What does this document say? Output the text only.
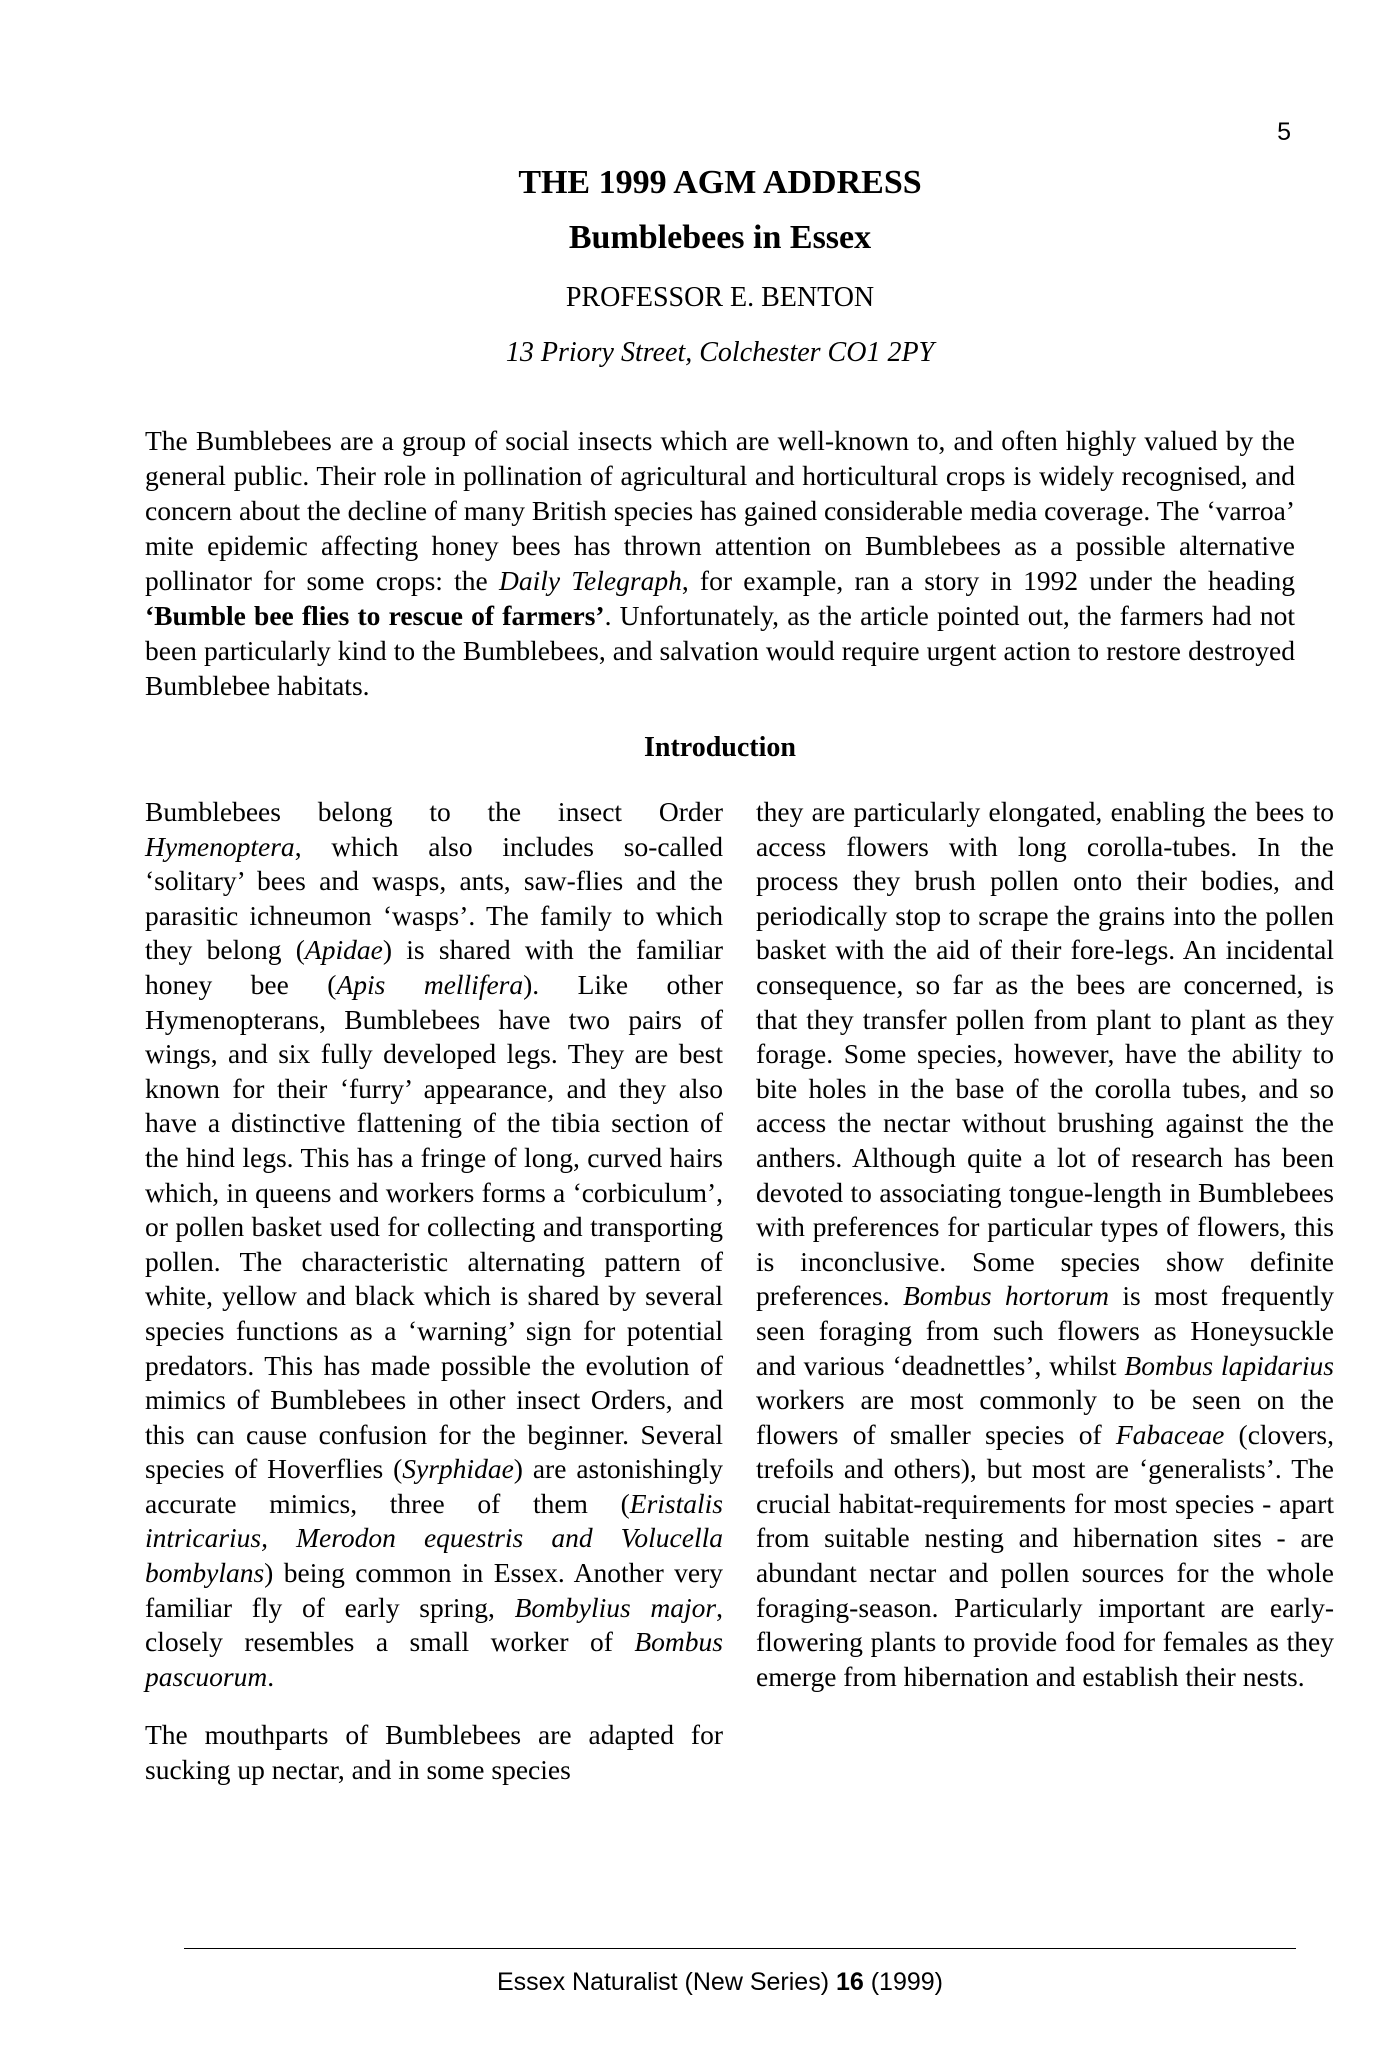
5
THE 1999 AGM ADDRESS
Bumblebees in Essex
PROFESSOR E. BENTON
13 Priory Street, Colchester CO1 2PY

The Bumblebees are a group of social insects which are well-known to, and often highly valued by the general public. Their role in pollination of agricultural and horticultural crops is widely recognised, and concern about the decline of many British species has gained considerable media coverage. The ‘varroa’ mite epidemic affecting honey bees has thrown attention on Bumblebees as a possible alternative pollinator for some crops: the Daily Telegraph, for example, ran a story in 1992 under the heading ‘Bumble bee flies to rescue of farmers’. Unfortunately, as the article pointed out, the farmers had not been particularly kind to the Bumblebees, and salvation would require urgent action to restore destroyed Bumblebee habitats.

Introduction

Bumblebees belong to the insect Order Hymenoptera, which also includes so-called ‘solitary’ bees and wasps, ants, saw-flies and the parasitic ichneumon ‘wasps’. The family to which they belong (Apidae) is shared with the familiar honey bee (Apis mellifera). Like other Hymenopterans, Bumblebees have two pairs of wings, and six fully developed legs. They are best known for their ‘furry’ appearance, and they also have a distinctive flattening of the tibia section of the hind legs. This has a fringe of long, curved hairs which, in queens and workers forms a ‘corbiculum’, or pollen basket used for collecting and transporting pollen. The characteristic alternating pattern of white, yellow and black which is shared by several species functions as a ‘warning’ sign for potential predators. This has made possible the evolution of mimics of Bumblebees in other insect Orders, and this can cause confusion for the beginner. Several species of Hoverflies (Syrphidae) are astonishingly accurate mimics, three of them (Eristalis intricarius, Merodon equestris and Volucella bombylans) being common in Essex. Another very familiar fly of early spring, Bombylius major, closely resembles a small worker of Bombus pascuorum.

The mouthparts of Bumblebees are adapted for sucking up nectar, and in some species

they are particularly elongated, enabling the bees to access flowers with long corolla-tubes. In the process they brush pollen onto their bodies, and periodically stop to scrape the grains into the pollen basket with the aid of their fore-legs. An incidental consequence, so far as the bees are concerned, is that they transfer pollen from plant to plant as they forage. Some species, however, have the ability to bite holes in the base of the corolla tubes, and so access the nectar without brushing against the the anthers. Although quite a lot of research has been devoted to associating tongue-length in Bumblebees with preferences for particular types of flowers, this is inconclusive. Some species show definite preferences. Bombus hortorum is most frequently seen foraging from such flowers as Honeysuckle and various ‘deadnettles’, whilst Bombus lapidarius workers are most commonly to be seen on the flowers of smaller species of Fabaceae (clovers, trefoils and others), but most are ‘generalists’. The crucial habitat-requirements for most species - apart from suitable nesting and hibernation sites - are abundant nectar and pollen sources for the whole foraging-season. Particularly important are early-flowering plants to provide food for females as they emerge from hibernation and establish their nests.

Essex Naturalist (New Series) 16 (1999)
